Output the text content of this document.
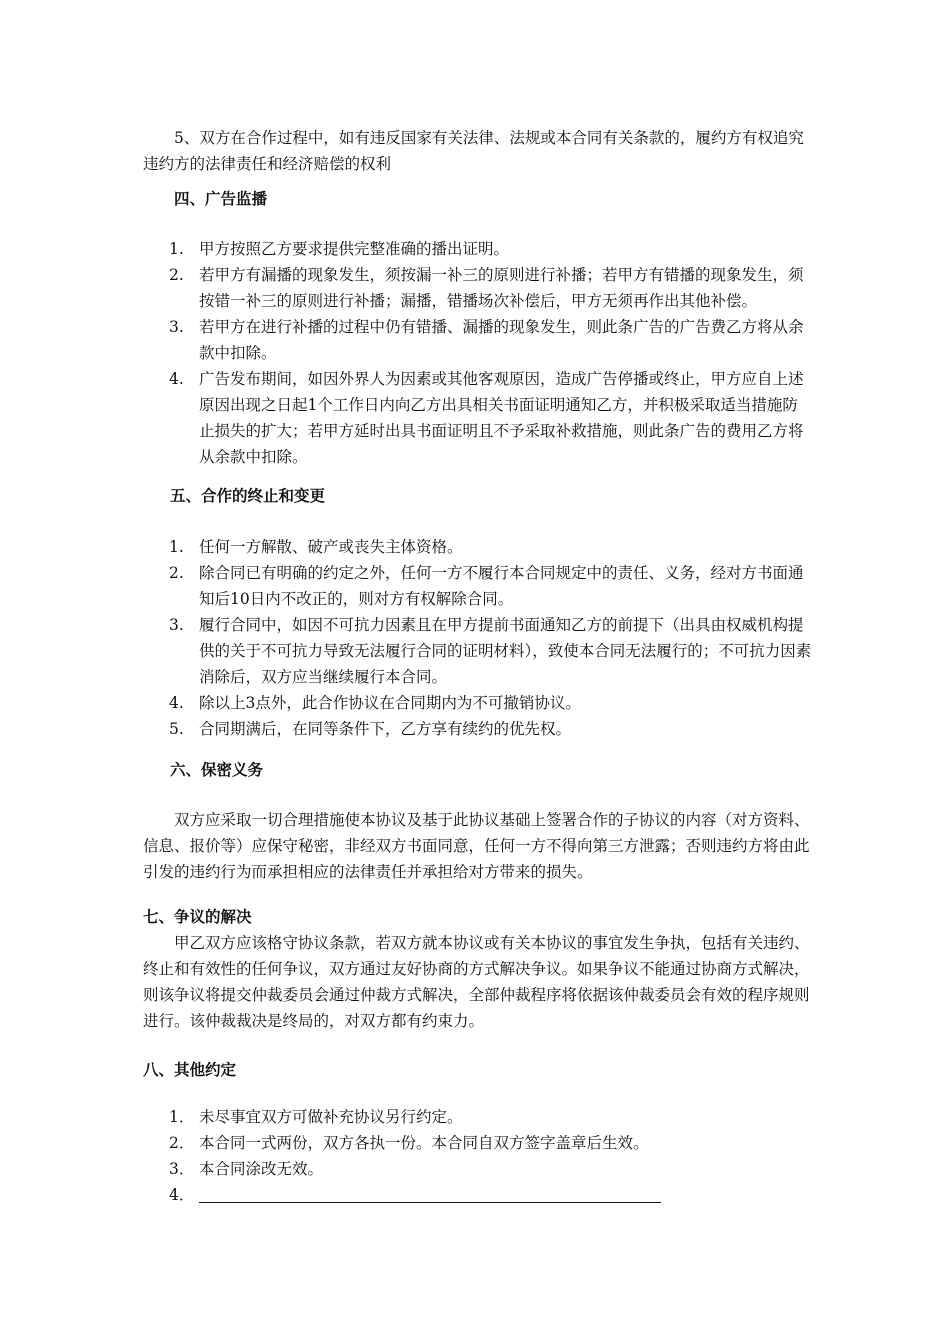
5、双方在合作过程中，如有违反国家有关法律、法规或本合同有关条款的，履约方有权追究违约方的法律责任和经济赔偿的权利

四、广告监播
1. 甲方按照乙方要求提供完整准确的播出证明。
2. 若甲方有漏播的现象发生，须按漏一补三的原则进行补播；若甲方有错播的现象发生，须按错一补三的原则进行补播；漏播，错播场次补偿后，甲方无须再作出其他补偿。
3. 若甲方在进行补播的过程中仍有错播、漏播的现象发生，则此条广告的广告费乙方将从余款中扣除。
4. 广告发布期间，如因外界人为因素或其他客观原因，造成广告停播或终止，甲方应自上述原因出现之日起1个工作日内向乙方出具相关书面证明通知乙方，并积极采取适当措施防止损失的扩大；若甲方延时出具书面证明且不予采取补救措施，则此条广告的费用乙方将从余款中扣除。
五、合作的终止和变更
1. 任何一方解散、破产或丧失主体资格。
2. 除合同已有明确的约定之外，任何一方不履行本合同规定中的责任、义务，经对方书面通知后10日内不改正的，则对方有权解除合同。
3. 履行合同中，如因不可抗力因素且在甲方提前书面通知乙方的前提下（出具由权威机构提供的关于不可抗力导致无法履行合同的证明材料），致使本合同无法履行的；不可抗力因素消除后，双方应当继续履行本合同。
4. 除以上3点外，此合作协议在合同期内为不可撤销协议。
5. 合同期满后，在同等条件下，乙方享有续约的优先权。
六、保密义务

双方应采取一切合理措施使本协议及基于此协议基础上签署合作的子协议的内容（对方资料、信息、报价等）应保守秘密，非经双方书面同意，任何一方不得向第三方泄露；否则违约方将由此引发的违约行为而承担相应的法律责任并承担给对方带来的损失。

七、争议的解决

甲乙双方应该格守协议条款，若双方就本协议或有关本协议的事宜发生争执，包括有关违约、终止和有效性的任何争议，双方通过友好协商的方式解决争议。如果争议不能通过协商方式解决，则该争议将提交仲裁委员会通过仲裁方式解决，全部仲裁程序将依据该仲裁委员会有效的程序规则进行。该仲裁裁决是终局的，对双方都有约束力。

八、其他约定
1． 未尽事宜双方可做补充协议另行约定。
2． 本合同一式两份，双方各执一份。本合同自双方签字盖章后生效。
3． 本合同涂改无效。
4．
